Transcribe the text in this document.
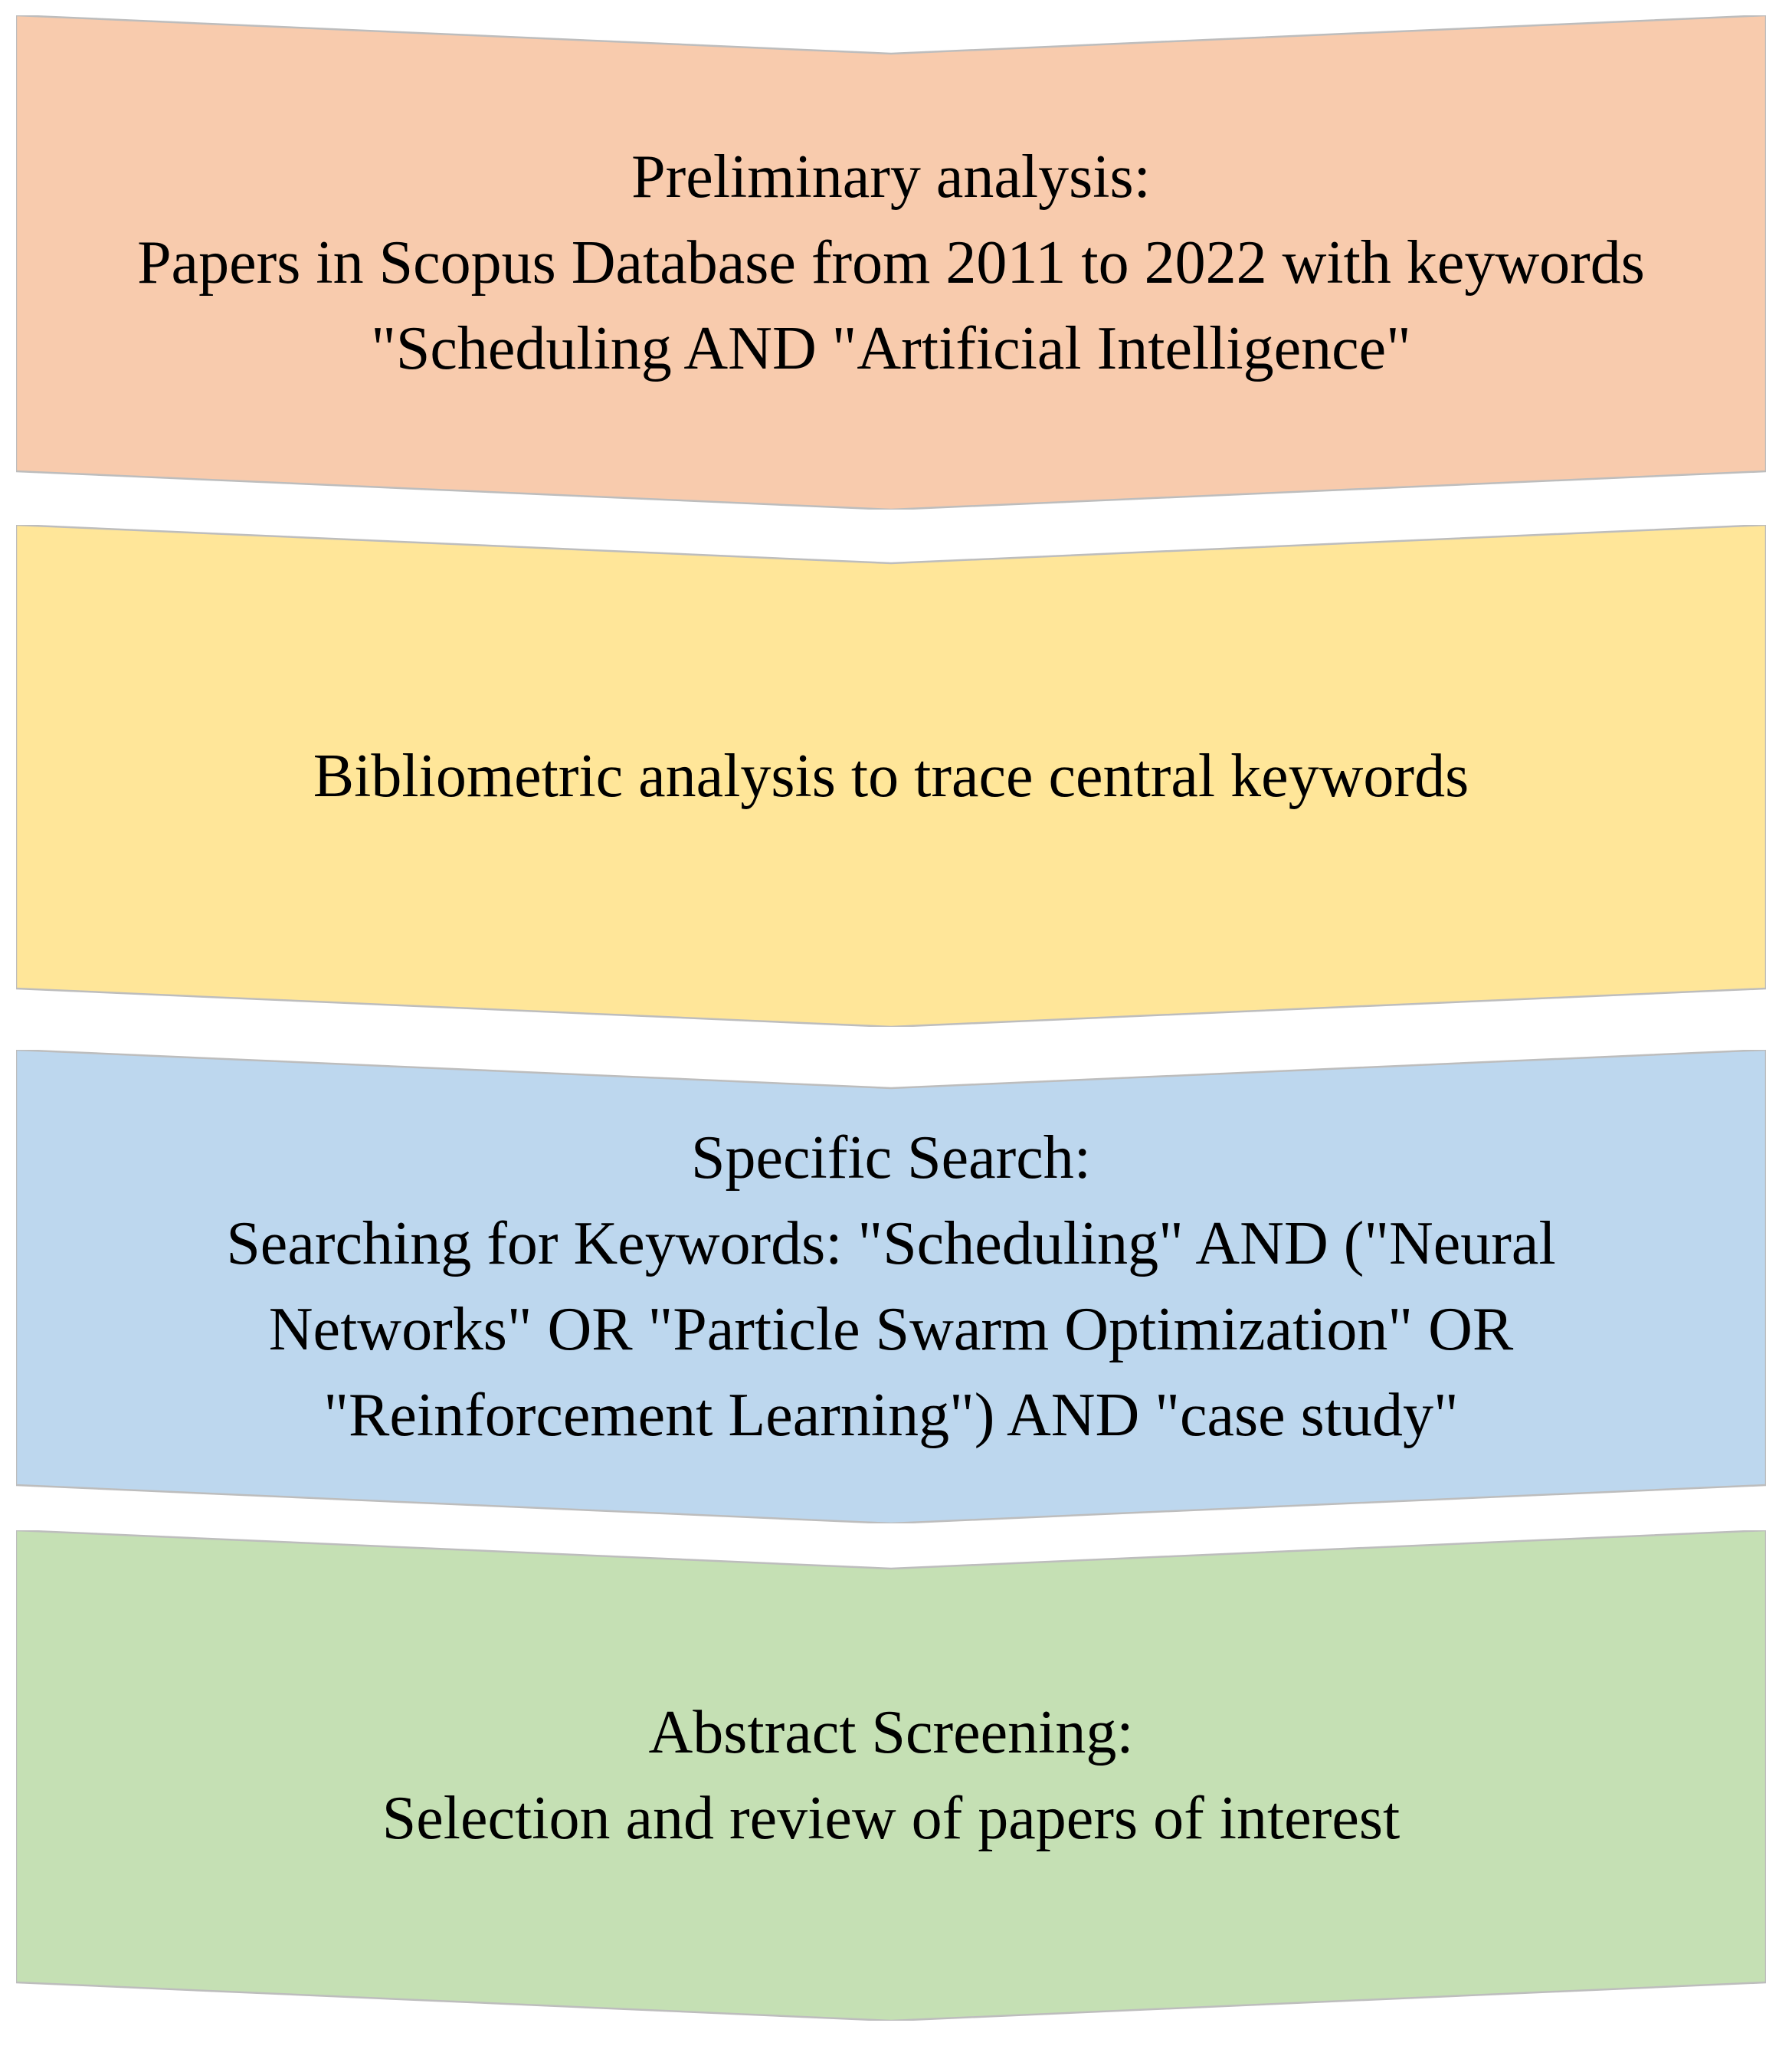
Preliminary analysis:
Papers in Scopus Database from 2011 to 2022 with keywords
"Scheduling AND "Artificial Intelligence"
Bibliometric analysis to trace central keywords
Specific Search:
Searching for Keywords: "Scheduling" AND ("Neural
Networks" OR "Particle Swarm Optimization" OR
"Reinforcement Learning") AND "case study"
Abstract Screening:
Selection and review of papers of interest
